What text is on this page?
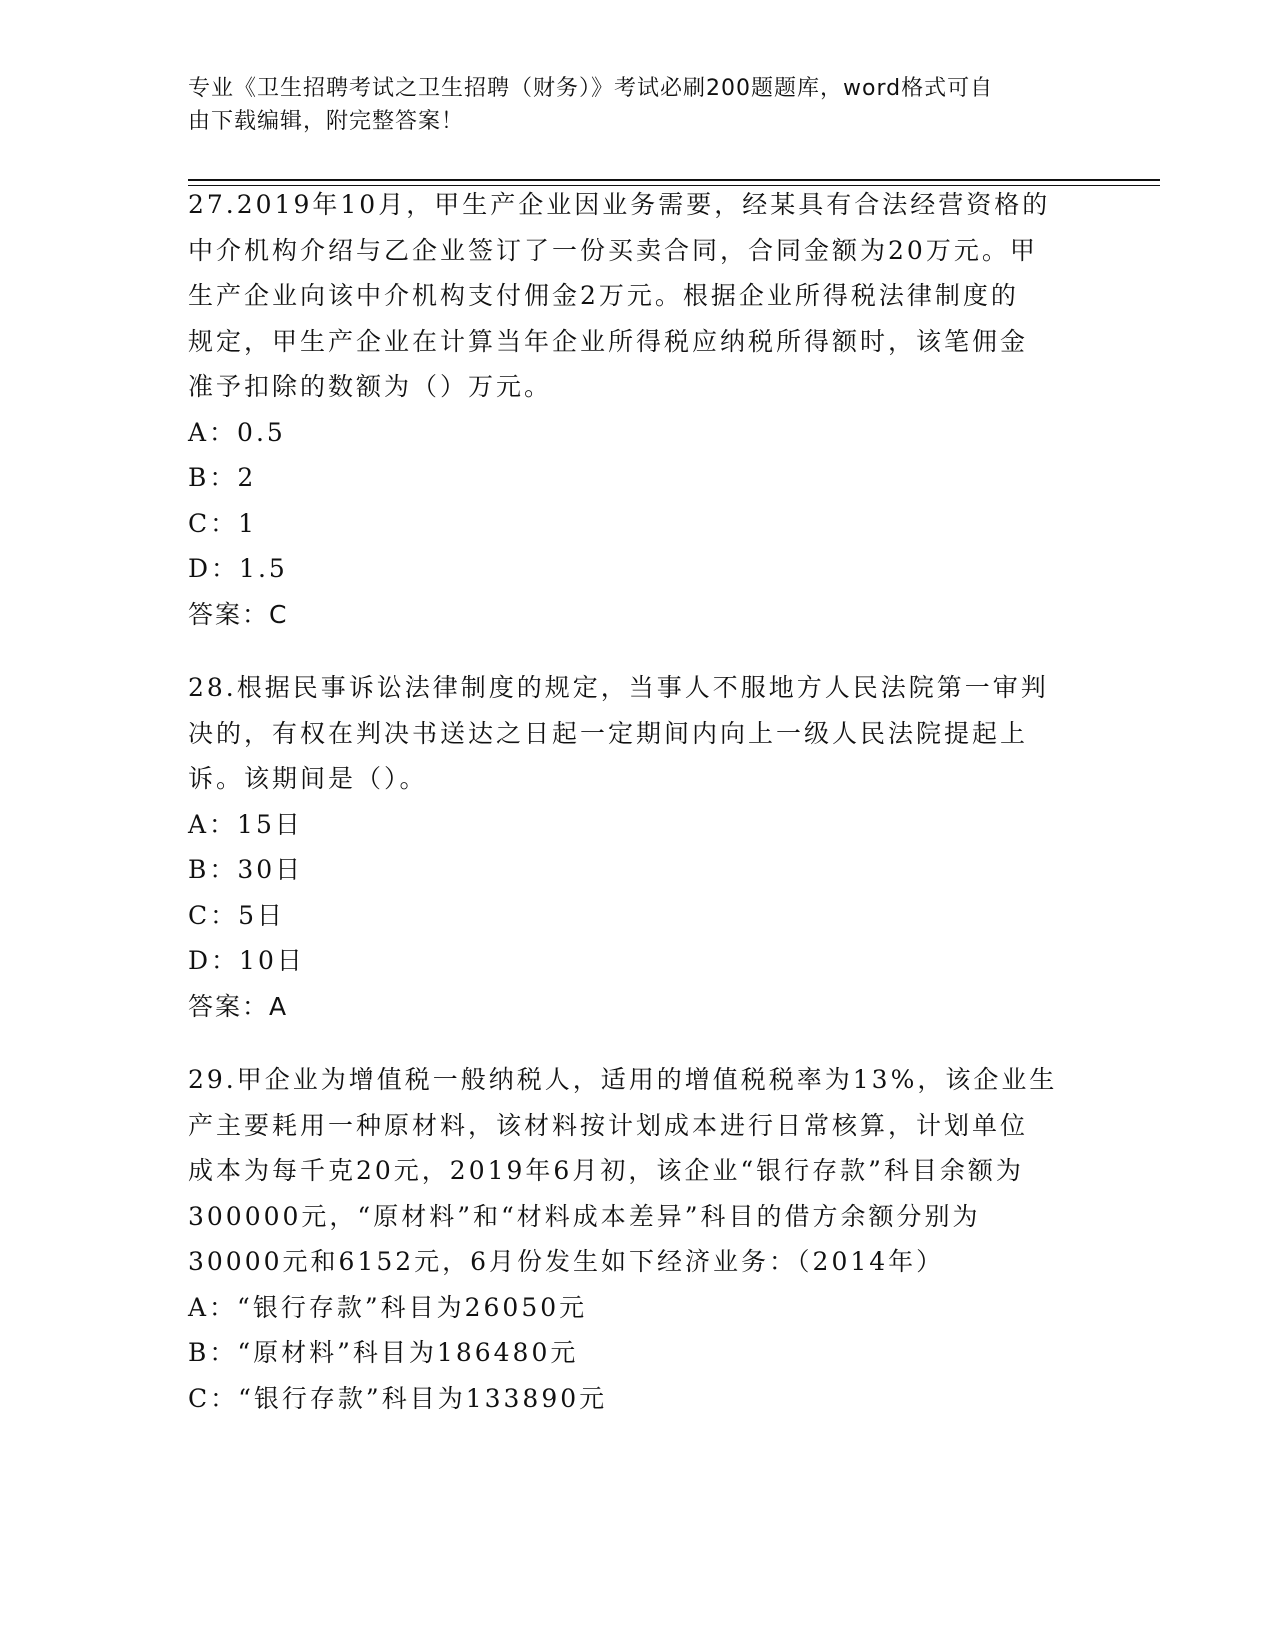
专业《卫生招聘考试之卫生招聘（财务）》考试必刷200题题库，word格式可自
由下载编辑，附完整答案！

27.2019年10月，甲生产企业因业务需要，经某具有合法经营资格的

中介机构介绍与乙企业签订了一份买卖合同，合同金额为20万元。甲

生产企业向该中介机构支付佣金2万元。根据企业所得税法律制度的

规定，甲生产企业在计算当年企业所得税应纳税所得额时，该笔佣金

准予扣除的数额为（）万元。

A：0.5

B：2

C：1

D：1.5

答案：C

28.根据民事诉讼法律制度的规定，当事人不服地方人民法院第一审判

决的，有权在判决书送达之日起一定期间内向上一级人民法院提起上

诉。该期间是（）。

A：15日

B：30日

C：5日

D：10日

答案：A

29.甲企业为增值税一般纳税人，适用的增值税税率为13%，该企业生

产主要耗用一种原材料，该材料按计划成本进行日常核算，计划单位

成本为每千克20元，2019年6月初，该企业“银行存款”科目余额为

300000元，“原材料”和“材料成本差异”科目的借方余额分别为

30000元和6152元，6月份发生如下经济业务：（2014年）

A：“银行存款”科目为26050元

B：“原材料”科目为186480元

C：“银行存款”科目为133890元
